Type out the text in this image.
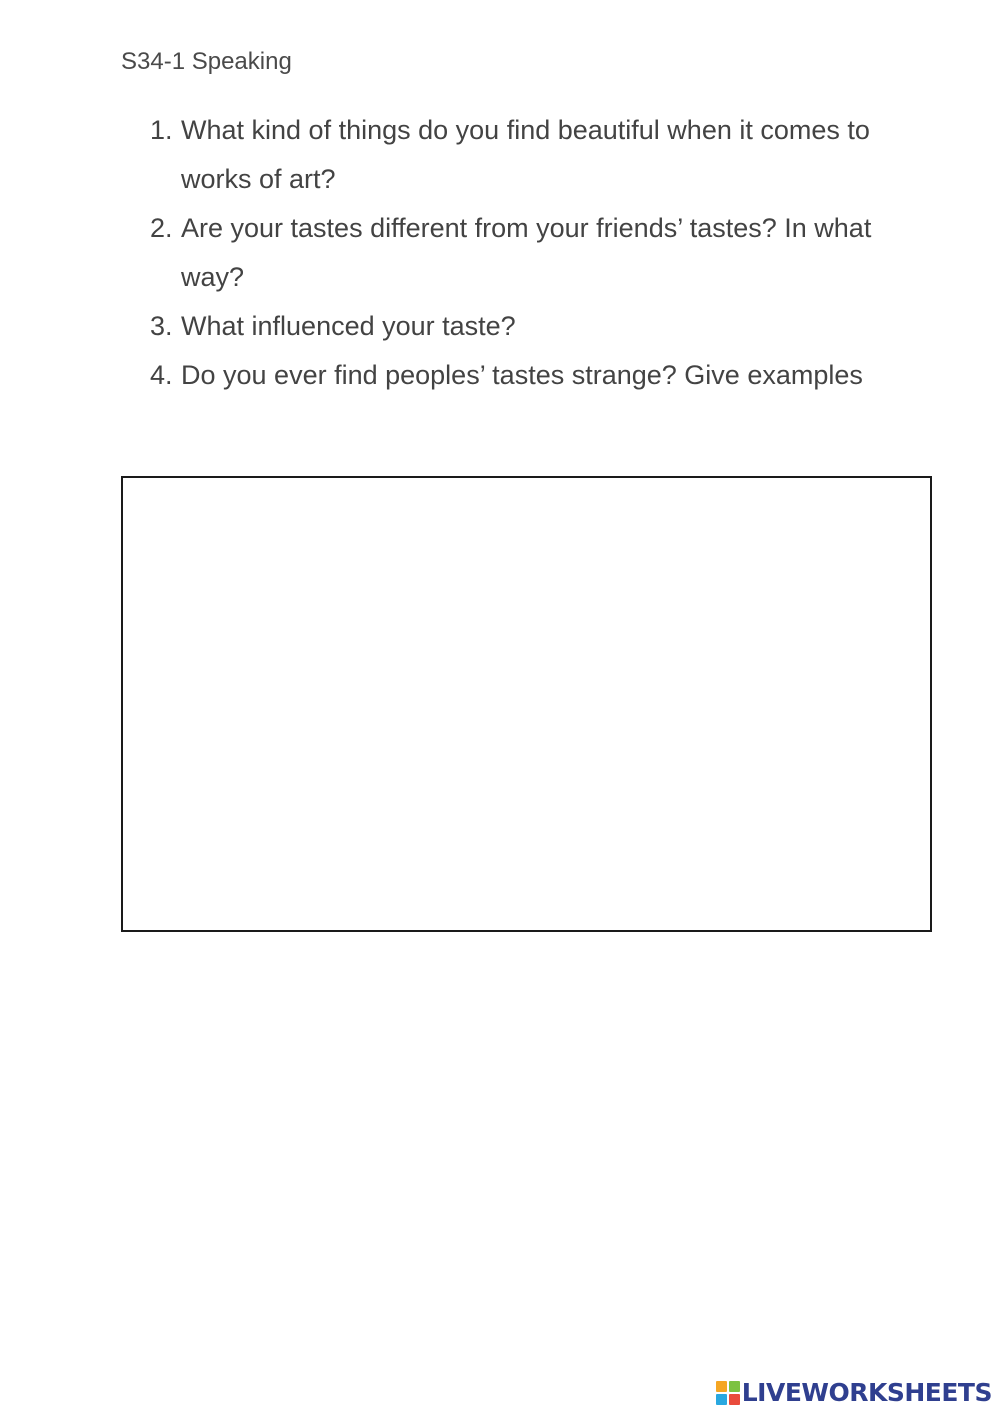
S34-1 Speaking
1. What kind of things do you find beautiful when it comes to works of art?
2. Are your tastes different from your friends’ tastes? In what way?
3. What influenced your taste?
4. Do you ever find peoples’ tastes strange? Give examples
LIVEWORKSHEETS
